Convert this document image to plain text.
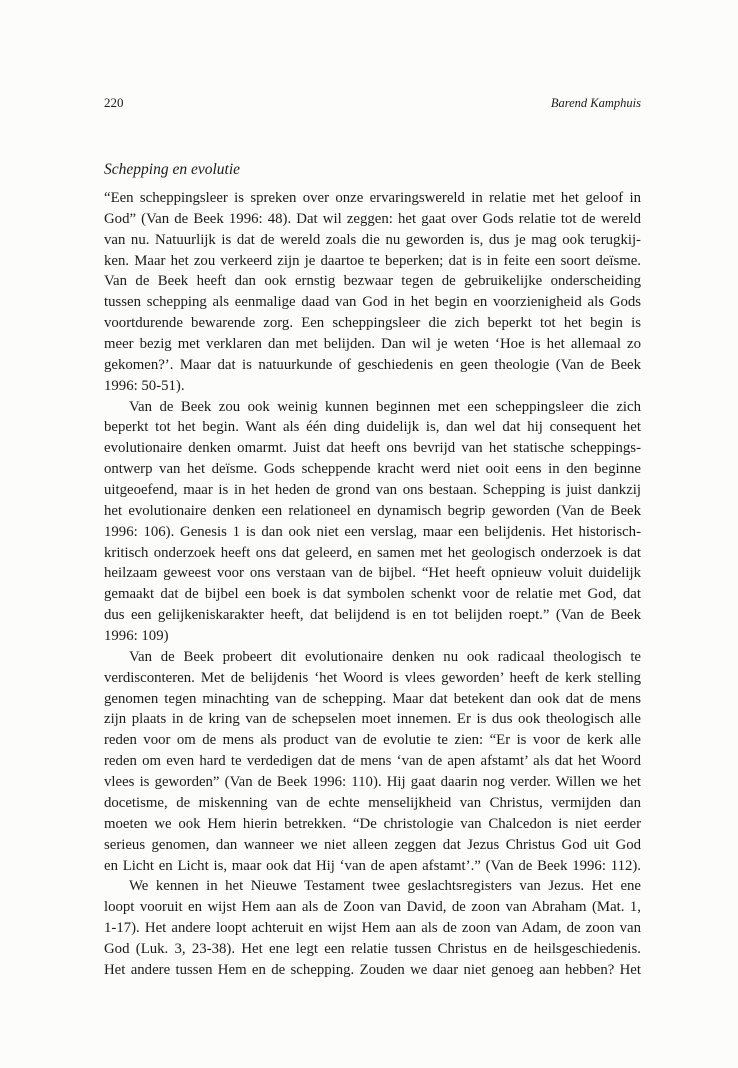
220	Barend Kamphuis
Schepping en evolutie
“Een scheppingsleer is spreken over onze ervaringswereld in relatie met het geloof in
God” (Van de Beek 1996: 48). Dat wil zeggen: het gaat over Gods relatie tot de wereld
van nu. Natuurlijk is dat de wereld zoals die nu geworden is, dus je mag ook terugkij-
ken. Maar het zou verkeerd zijn je daartoe te beperken; dat is in feite een soort deïsme.
Van de Beek heeft dan ook ernstig bezwaar tegen de gebruikelijke onderscheiding
tussen schepping als eenmalige daad van God in het begin en voorzienigheid als Gods
voortdurende bewarende zorg. Een scheppingsleer die zich beperkt tot het begin is
meer bezig met verklaren dan met belijden. Dan wil je weten ‘Hoe is het allemaal zo
gekomen?’. Maar dat is natuurkunde of geschiedenis en geen theologie (Van de Beek
1996: 50-51).
Van de Beek zou ook weinig kunnen beginnen met een scheppingsleer die zich
beperkt tot het begin. Want als één ding duidelijk is, dan wel dat hij consequent het
evolutionaire denken omarmt. Juist dat heeft ons bevrijd van het statische scheppings-
ontwerp van het deïsme. Gods scheppende kracht werd niet ooit eens in den beginne
uitgeoefend, maar is in het heden de grond van ons bestaan. Schepping is juist dankzij
het evolutionaire denken een relationeel en dynamisch begrip geworden (Van de Beek
1996: 106). Genesis 1 is dan ook niet een verslag, maar een belijdenis. Het historisch-
kritisch onderzoek heeft ons dat geleerd, en samen met het geologisch onderzoek is dat
heilzaam geweest voor ons verstaan van de bijbel. “Het heeft opnieuw voluit duidelijk
gemaakt dat de bijbel een boek is dat symbolen schenkt voor de relatie met God, dat
dus een gelijkeniskarakter heeft, dat belijdend is en tot belijden roept.” (Van de Beek
1996: 109)
Van de Beek probeert dit evolutionaire denken nu ook radicaal theologisch te
verdisconteren. Met de belijdenis ‘het Woord is vlees geworden’ heeft de kerk stelling
genomen tegen minachting van de schepping. Maar dat betekent dan ook dat de mens
zijn plaats in de kring van de schepselen moet innemen. Er is dus ook theologisch alle
reden voor om de mens als product van de evolutie te zien: “Er is voor de kerk alle
reden om even hard te verdedigen dat de mens ‘van de apen afstamt’ als dat het Woord
vlees is geworden” (Van de Beek 1996: 110). Hij gaat daarin nog verder. Willen we het
docetisme, de miskenning van de echte menselijkheid van Christus, vermijden dan
moeten we ook Hem hierin betrekken. “De christologie van Chalcedon is niet eerder
serieus genomen, dan wanneer we niet alleen zeggen dat Jezus Christus God uit God
en Licht en Licht is, maar ook dat Hij ‘van de apen afstamt’.” (Van de Beek 1996: 112).
We kennen in het Nieuwe Testament twee geslachtsregisters van Jezus. Het ene
loopt vooruit en wijst Hem aan als de Zoon van David, de zoon van Abraham (Mat. 1,
1-17). Het andere loopt achteruit en wijst Hem aan als de zoon van Adam, de zoon van
God (Luk. 3, 23-38). Het ene legt een relatie tussen Christus en de heilsgeschiedenis.
Het andere tussen Hem en de schepping. Zouden we daar niet genoeg aan hebben? Het
